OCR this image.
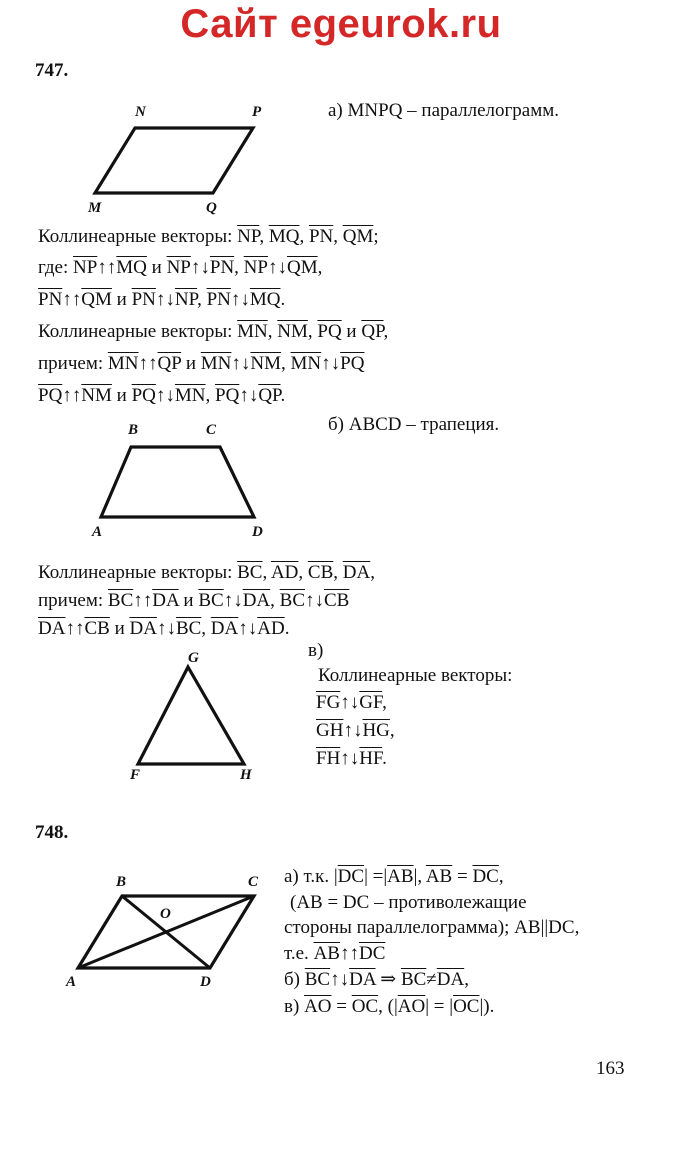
Сайт egeurok.ru
747.
N	P
M	Q
а) MNPQ – параллелограмм.
Коллинеарные векторы: $\overline{NP}$, $\overline{MQ}$, $\overline{PN}$, $\overline{QM}$;
где: $\overline{NP}↑↑\overline{MQ}$ и $\overline{NP}↑↓\overline{PN}$, $\overline{NP}↑↓\overline{QM}$,
$\overline{PN}↑↑\overline{QM}$ и $\overline{PN}↑↓\overline{NP}$, $\overline{PN}↑↓\overline{MQ}$.
Коллинеарные векторы: $\overline{MN}$, $\overline{NM}$, $\overline{PQ}$ и $\overline{QP}$,
причем: $\overline{MN}↑↑\overline{QP}$ и $\overline{MN}↑↓\overline{NM}$, $\overline{MN}↑↓\overline{PQ}$
$\overline{PQ}↑↑\overline{NM}$ и $\overline{PQ}↑↓\overline{MN}$, $\overline{PQ}↑↓\overline{QP}$.
B	C
A	D
б) ABCD – трапеция.
Коллинеарные векторы: $\overline{BC}$, $\overline{AD}$, $\overline{CB}$, $\overline{DA}$,
причем: $\overline{BC}↑↑\overline{DA}$ и $\overline{BC}↑↓\overline{DA}$, $\overline{BC}↑↓\overline{CB}$
$\overline{DA}↑↑\overline{CB}$ и $\overline{DA}↑↓\overline{BC}$, $\overline{DA}↑↓\overline{AD}$.
G
F	H
в)
Коллинеарные векторы:
$\overline{FG}↑↓\overline{GF}$,
$\overline{GH}↑↓\overline{HG}$,
$\overline{FH}↑↓\overline{HF}$.
748.
B	C
O
A	D
а) т.к. $|\overline{DC}| =|\overline{AB}|$, $\overline{AB} = \overline{DC}$,
(AB = DC – противолежащие
стороны параллелограмма); AB||DC,
т.е. $\overline{AB}↑↑\overline{DC}$
б) $\overline{BC}↑↓\overline{DA}$ ⇒ $\overline{BC}\ne\overline{DA}$,
в) $\overline{AO} = \overline{OC}$, $(|\overline{AO}| = |\overline{OC}|)$.
163
